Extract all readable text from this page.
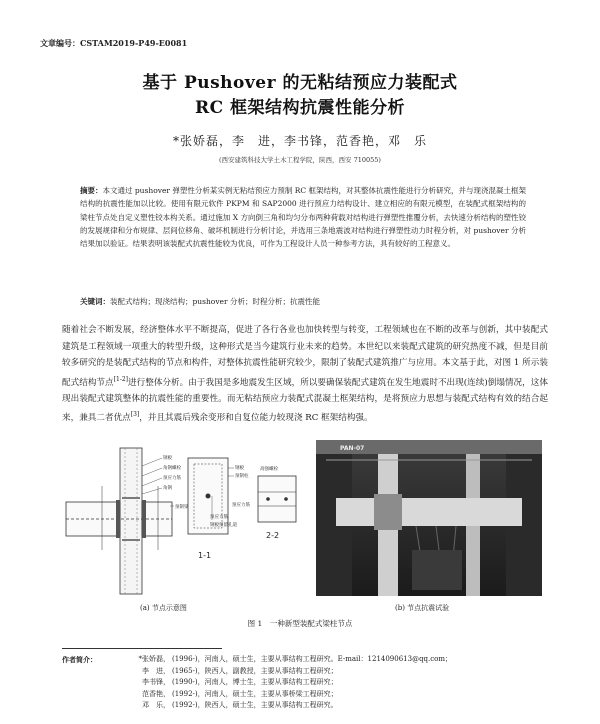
文章编号：CSTAM2019-P49-E0081
基于 Pushover 的无粘结预应力装配式
RC 框架结构抗震性能分析
*张娇磊，李　进，李书锋，范香艳，邓　乐
(西安建筑科技大学土木工程学院，陕西，西安 710055)
摘要：本文通过 pushover 弹塑性分析某实例无粘结预应力预制 RC 框架结构，对其整体抗震性能进行分析研究，并与现浇混凝土框架结构的抗震性能加以比较。使用有限元软件 PKPM 和 SAP2000 进行预应力结构设计、建立相应的有限元模型，在装配式框架结构的梁柱节点处自定义塑性铰本构关系。通过施加 X 方向倒三角和均匀分布两种荷载对结构进行弹塑性推覆分析，去快速分析结构的塑性铰的发展规律和分布规律、层间位移角、破坏机制进行分析讨论，并选用三条地震波对结构进行弹塑性动力时程分析，对 pushover 分析结果加以验证。结果表明该装配式抗震性能较为优良，可作为工程设计人员一种参考方法，具有较好的工程意义。
关键词：装配式结构；现浇结构；pushover 分析；时程分析；抗震性能
随着社会不断发展，经济整体水平不断提高，促进了各行各业也加快转型与转变，工程领域也在不断的改革与创新，其中装配式建筑是工程领域一项重大的转型升级，这种形式是当今建筑行业未来的趋势。本世纪以来装配式建筑的研究热度不减，但是目前较多研究的是装配式结构的节点和构件，对整体抗震性能研究较少，限制了装配式建筑推广与应用。本文基于此，对图 1 所示装配式结构节点[1-2]进行整体分析。由于我国是多地震发生区域，所以要确保装配式建筑在发生地震时不出现(连续)倒塌情况，这体现出装配式建筑整体的抗震性能的重要性。而无粘结预应力装配式混凝土框架结构，是将预应力思想与装配式结构有效的结合起来，兼具二者优点[3]，并且其震后残余变形和自复位能力较现浇 RC 框架结构强。
钢板
角钢螺栓
预应力筋
角钢
预制梁
钢板
预制柱
预应力筋
钢板预留孔道
1-1
高强螺栓
预应力筋
2-2
PAN-07
(a) 节点示意图	(b) 节点抗震试验
图 1　一种新型装配式梁柱节点
作者简介：	*张娇磊， (1996-)，河南人，硕士生，主要从事结构工程研究。E-mail：1214090613@qq.com；
李　进， (1965-)，陕西人，副教授，主要从事结构工程研究；
李书锋， (1990-)，河南人，博士生，主要从事结构工程研究；
范香艳， (1992-)，河南人，硕士生，主要从事桥梁工程研究；
邓　乐， (1992-)，陕西人，硕士生，主要从事结构工程研究。
